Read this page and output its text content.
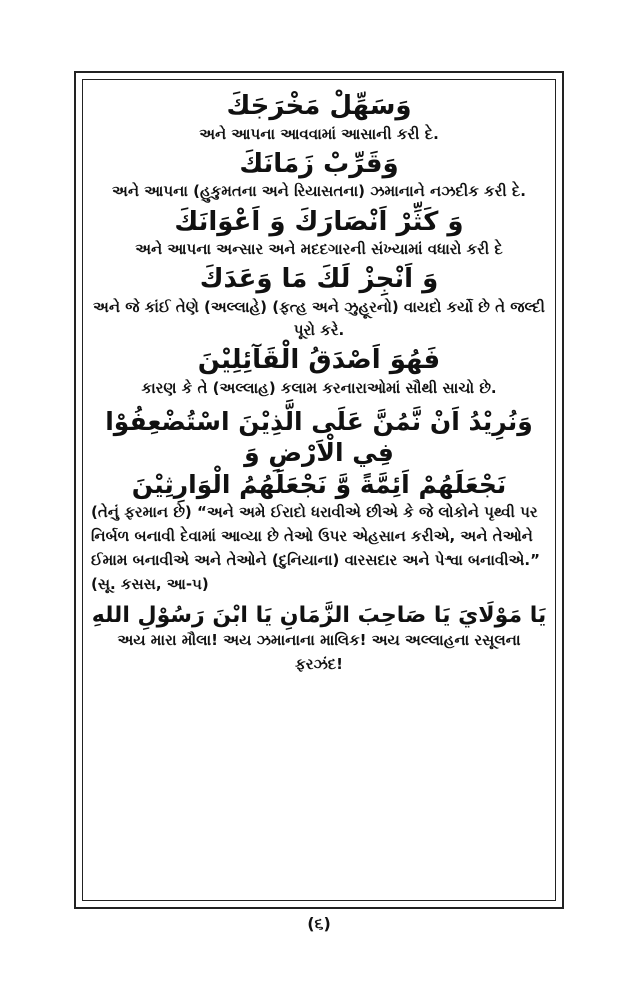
وَسَهِّلْ مَخْرَجَكَ
અને આપના આવવામાં આસાની કરી દે.
وَقَرِّبْ زَمَانَكَ
અને આપના (હુકુમતના અને રિયાસતના) ઝમાનાને નઝદીક કરી દે.
وَ كَثِّرْ اَنْصَارَكَ وَ اَعْوَانَكَ
અને આપના અન્સાર અને મદદગારની સંખ્યામાં વધારો કરી દે
وَ اَنْجِزْ لَكَ مَا وَعَدَكَ
અને જે કાંઈ તેણે (અલ્લાહે) (ફત્હ અને ઝુહૂરનો) વાયદો કર્યો છે તે જલ્દી પૂરો કરે.
فَهُوَ اَصْدَقُ الْقَآئِلِيْنَ
કારણ કે તે (અલ્લાહ) કલામ કરનારાઓમાં સૌથી સાચો છે.
وَنُرِيْدُ اَنْ نَّمُنَّ عَلَى الَّذِيْنَ اسْتُضْعِفُوْا فِي الْاَرْضِ وَ
نَجْعَلَهُمْ اَئِمَّةً وَّ نَجْعَلَهُمُ الْوَارِثِيْنَ
(તેનું ફરમાન છે) “અને અમે ઈરાદો ધરાવીએ છીએ કે જે લોકોને પૃથ્વી પર નિર્બળ બનાવી દેવામાં આવ્યા છે તેઓ ઉપર એહસાન કરીએ, અને તેઓને ઈમામ બનાવીએ અને તેઓને (દુનિયાના) વારસદાર અને પેશ્વા બનાવીએ.” (સૂ. કસસ, આ-૫)
يَا مَوْلَايَ يَا صَاحِبَ الزَّمَانِ يَا ابْنَ رَسُوْلِ اللهِ
અય મારા મૌલા! અય ઝમાનાના માલિક! અય અલ્લાહના રસૂલના ફરઝંદ!
(૬)
